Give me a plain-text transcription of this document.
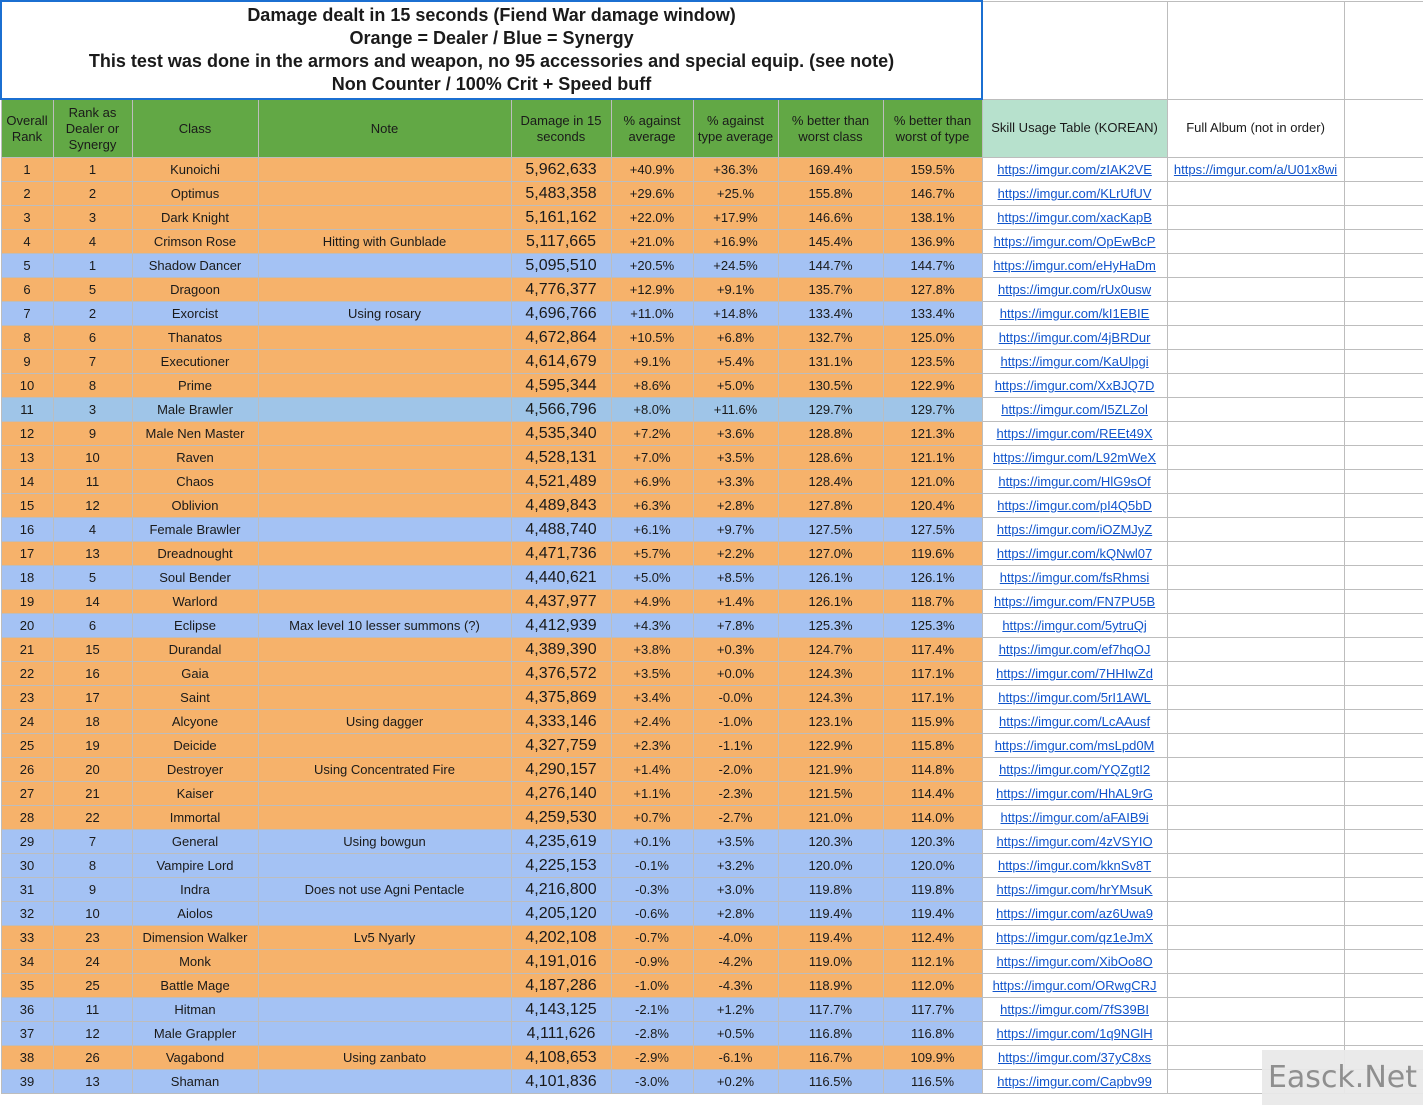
Damage dealt in 15 seconds (Fiend War damage window)
Orange = Dealer / Blue = Synergy
This test was done in the armors and weapon, no 95 accessories and special equip. (see note)
Non Counter / 100% Crit + Speed buff											

Overall Rank	Rank as Dealer or Synergy	Class	Note	Damage in 15 seconds	% against average	% against type average	% better than worst class	% better than worst of type	Skill Usage Table (KOREAN)	Full Album (not in order)	
1	1	Kunoichi		5,962,633	+40.9%	+36.3%	169.4%	159.5%	https://imgur.com/zIAK2VE	https://imgur.com/a/U01x8wi	
2	2	Optimus		5,483,358	+29.6%	+25.%	155.8%	146.7%	https://imgur.com/KLrUfUV		
3	3	Dark Knight		5,161,162	+22.0%	+17.9%	146.6%	138.1%	https://imgur.com/xacKapB		
4	4	Crimson Rose	Hitting with Gunblade	5,117,665	+21.0%	+16.9%	145.4%	136.9%	https://imgur.com/OpEwBcP		
5	1	Shadow Dancer		5,095,510	+20.5%	+24.5%	144.7%	144.7%	https://imgur.com/eHyHaDm		
6	5	Dragoon		4,776,377	+12.9%	+9.1%	135.7%	127.8%	https://imgur.com/rUx0usw		
7	2	Exorcist	Using rosary	4,696,766	+11.0%	+14.8%	133.4%	133.4%	https://imgur.com/kI1EBIE		
8	6	Thanatos		4,672,864	+10.5%	+6.8%	132.7%	125.0%	https://imgur.com/4jBRDur		
9	7	Executioner		4,614,679	+9.1%	+5.4%	131.1%	123.5%	https://imgur.com/KaUlpgi		
10	8	Prime		4,595,344	+8.6%	+5.0%	130.5%	122.9%	https://imgur.com/XxBJQ7D		
11	3	Male Brawler		4,566,796	+8.0%	+11.6%	129.7%	129.7%	https://imgur.com/I5ZLZol		
12	9	Male Nen Master		4,535,340	+7.2%	+3.6%	128.8%	121.3%	https://imgur.com/REEt49X		
13	10	Raven		4,528,131	+7.0%	+3.5%	128.6%	121.1%	https://imgur.com/L92mWeX		
14	11	Chaos		4,521,489	+6.9%	+3.3%	128.4%	121.0%	https://imgur.com/HlG9sOf		
15	12	Oblivion		4,489,843	+6.3%	+2.8%	127.8%	120.4%	https://imgur.com/pI4Q5bD		
16	4	Female Brawler		4,488,740	+6.1%	+9.7%	127.5%	127.5%	https://imgur.com/iOZMJyZ		
17	13	Dreadnought		4,471,736	+5.7%	+2.2%	127.0%	119.6%	https://imgur.com/kQNwl07		
18	5	Soul Bender		4,440,621	+5.0%	+8.5%	126.1%	126.1%	https://imgur.com/fsRhmsi		
19	14	Warlord		4,437,977	+4.9%	+1.4%	126.1%	118.7%	https://imgur.com/FN7PU5B		
20	6	Eclipse	Max level 10 lesser summons (?)	4,412,939	+4.3%	+7.8%	125.3%	125.3%	https://imgur.com/5ytruQj		
21	15	Durandal		4,389,390	+3.8%	+0.3%	124.7%	117.4%	https://imgur.com/ef7hqOJ		
22	16	Gaia		4,376,572	+3.5%	+0.0%	124.3%	117.1%	https://imgur.com/7HHIwZd		
23	17	Saint		4,375,869	+3.4%	-0.0%	124.3%	117.1%	https://imgur.com/5rI1AWL		
24	18	Alcyone	Using dagger	4,333,146	+2.4%	-1.0%	123.1%	115.9%	https://imgur.com/LcAAusf		
25	19	Deicide		4,327,759	+2.3%	-1.1%	122.9%	115.8%	https://imgur.com/msLpd0M		
26	20	Destroyer	Using Concentrated Fire	4,290,157	+1.4%	-2.0%	121.9%	114.8%	https://imgur.com/YQZgtI2		
27	21	Kaiser		4,276,140	+1.1%	-2.3%	121.5%	114.4%	https://imgur.com/HhAL9rG		
28	22	Immortal		4,259,530	+0.7%	-2.7%	121.0%	114.0%	https://imgur.com/aFAIB9i		
29	7	General	Using bowgun	4,235,619	+0.1%	+3.5%	120.3%	120.3%	https://imgur.com/4zVSYIO		
30	8	Vampire Lord		4,225,153	-0.1%	+3.2%	120.0%	120.0%	https://imgur.com/kknSv8T		
31	9	Indra	Does not use Agni Pentacle	4,216,800	-0.3%	+3.0%	119.8%	119.8%	https://imgur.com/hrYMsuK		
32	10	Aiolos		4,205,120	-0.6%	+2.8%	119.4%	119.4%	https://imgur.com/az6Uwa9		
33	23	Dimension Walker	Lv5 Nyarly	4,202,108	-0.7%	-4.0%	119.4%	112.4%	https://imgur.com/qz1eJmX		
34	24	Monk		4,191,016	-0.9%	-4.2%	119.0%	112.1%	https://imgur.com/XibOo8O		
35	25	Battle Mage		4,187,286	-1.0%	-4.3%	118.9%	112.0%	https://imgur.com/ORwgCRJ		
36	11	Hitman		4,143,125	-2.1%	+1.2%	117.7%	117.7%	https://imgur.com/7fS39BI		
37	12	Male Grappler		4,111,626	-2.8%	+0.5%	116.8%	116.8%	https://imgur.com/1q9NGlH		
38	26	Vagabond	Using zanbato	4,108,653	-2.9%	-6.1%	116.7%	109.9%	https://imgur.com/37yC8xs		
39	13	Shaman		4,101,836	-3.0%	+0.2%	116.5%	116.5%	https://imgur.com/Capbv99			Easck.Net
